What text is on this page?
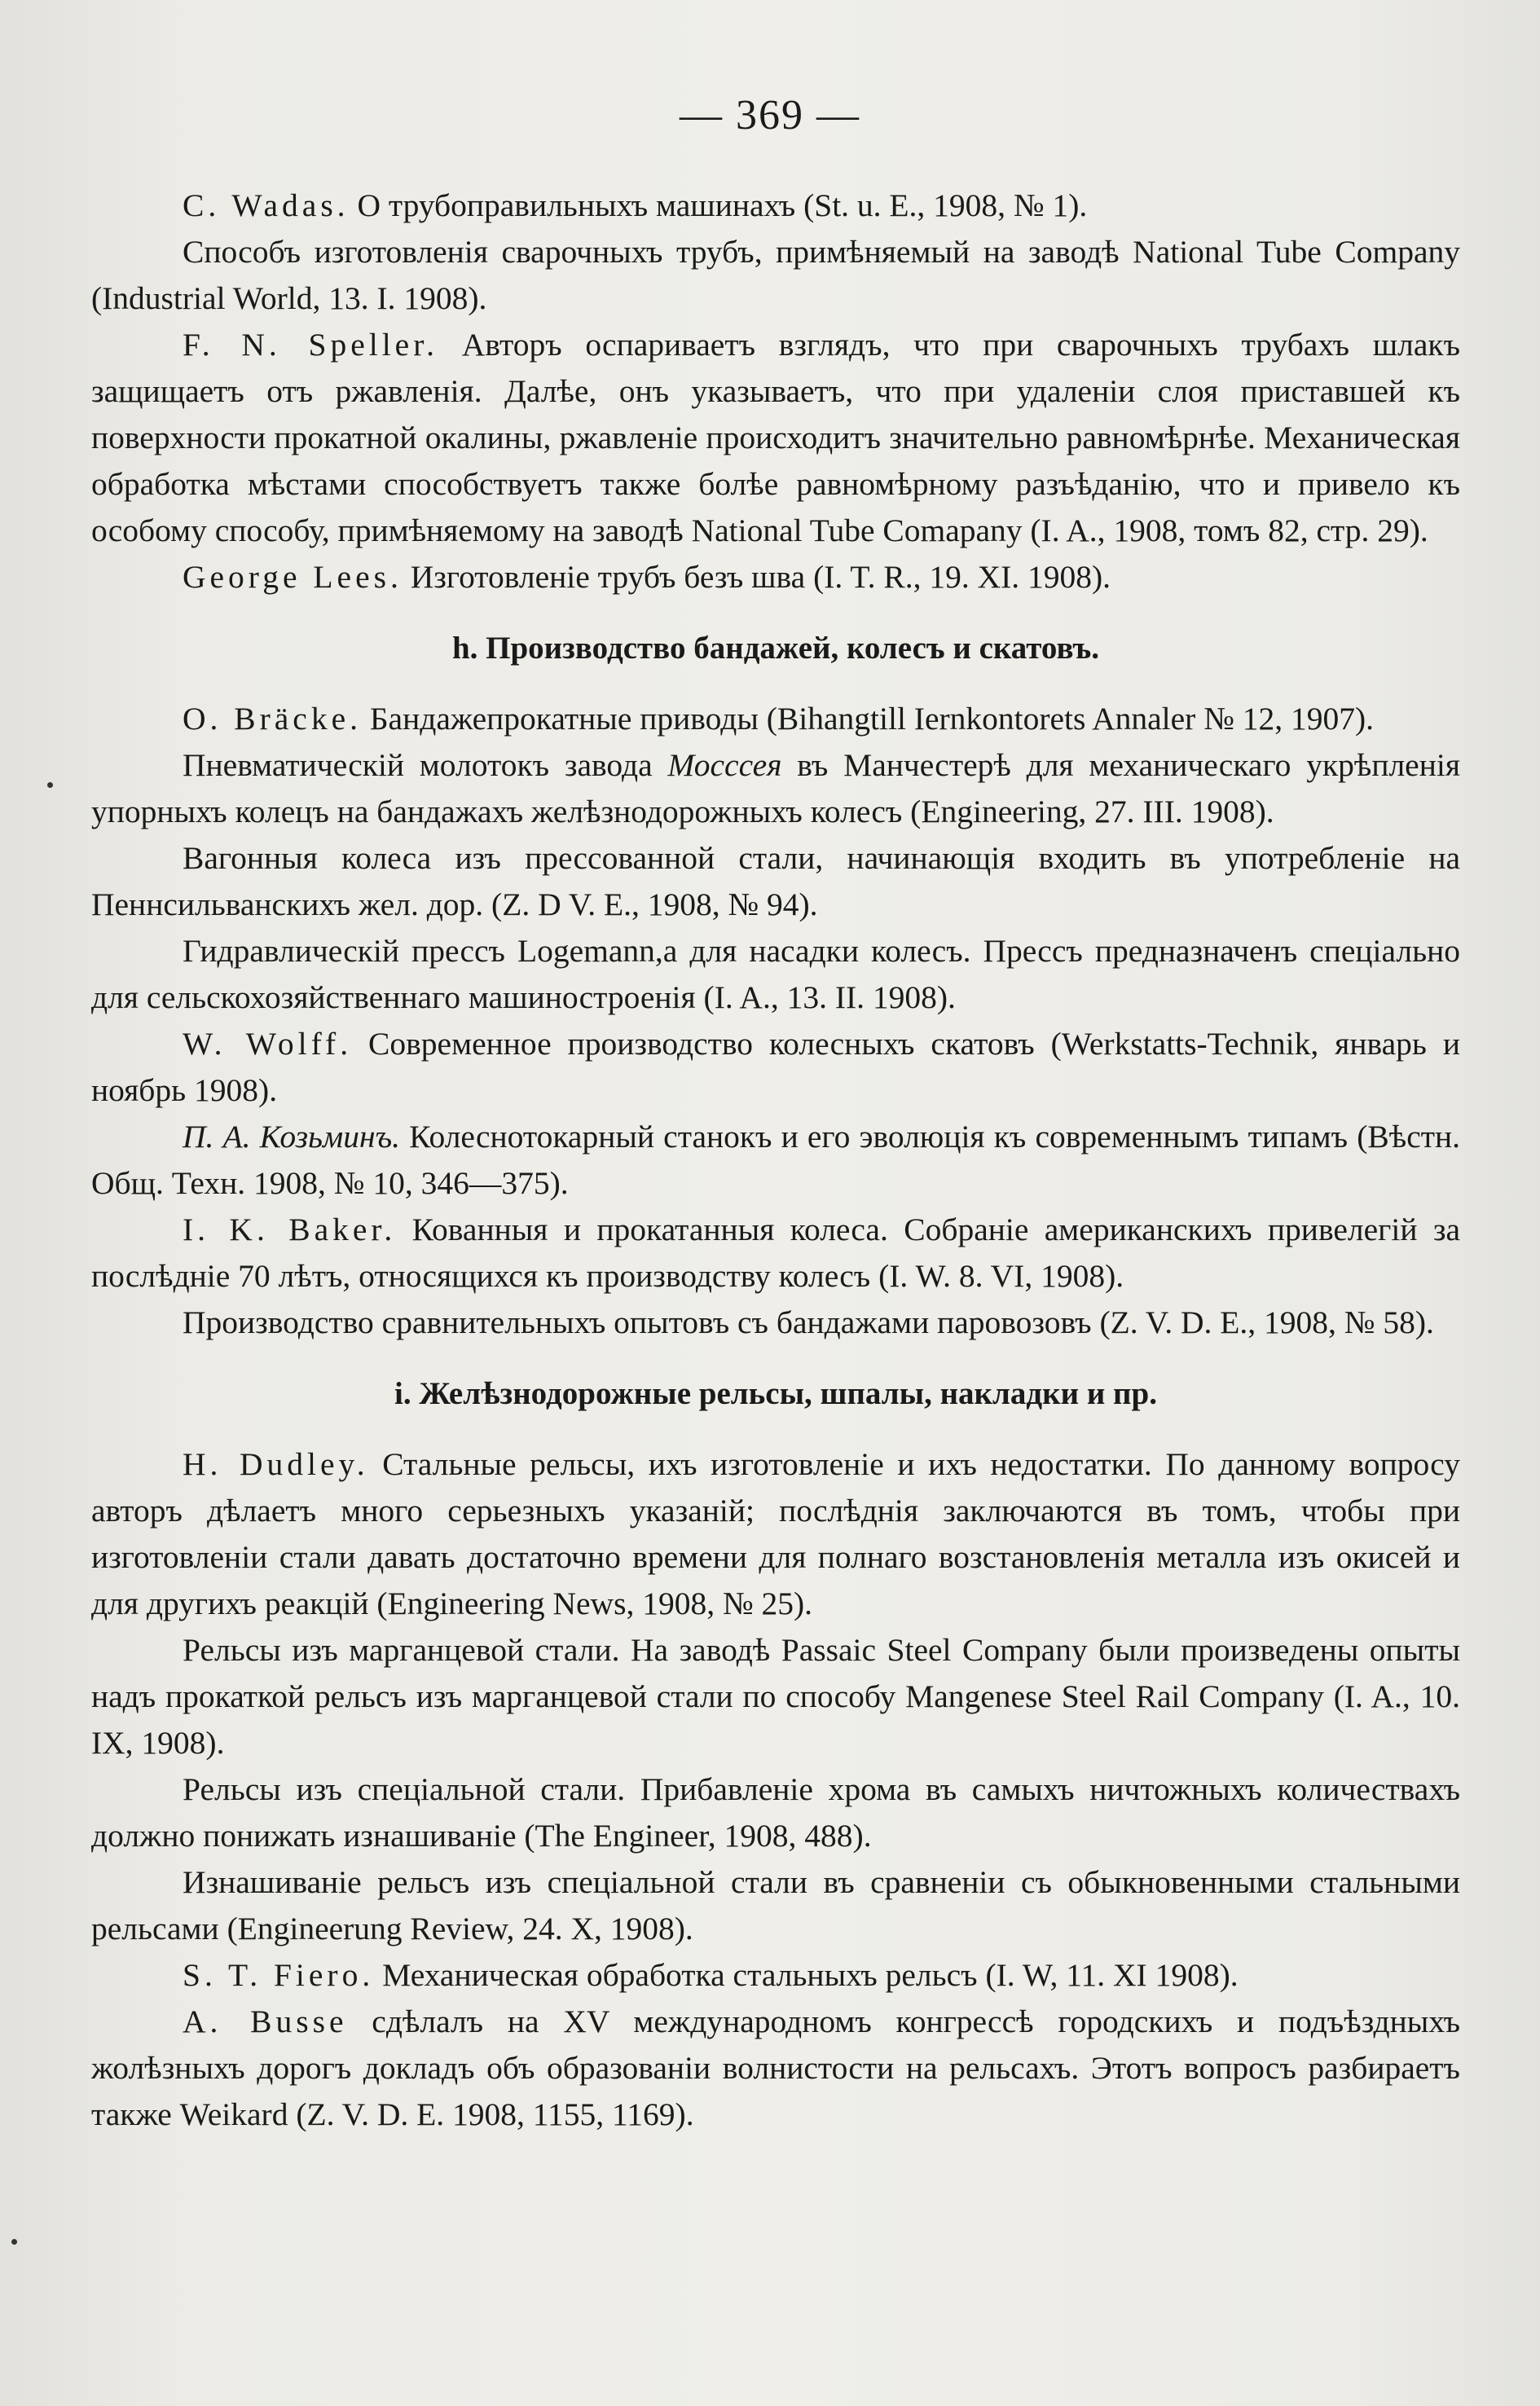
— 369 —

C. Wadas. О трубоправильныхъ машинахъ (St. u. E., 1908, № 1).

Способъ изготовленія сварочныхъ трубъ, примѣняемый на заводѣ National Tube Company (Industrial World, 13. I. 1908).

F. N. Speller. Авторъ оспариваетъ взглядъ, что при сварочныхъ трубахъ шлакъ защищаетъ отъ ржавленія. Далѣе, онъ указываетъ, что при удаленіи слоя приставшей къ поверхности прокатной окалины, ржавленіе происходитъ значительно равномѣрнѣе. Механическая обработка мѣстами способствуетъ также болѣе равномѣрному разъѣданію, что и привело къ особому способу, примѣняемому на заводѣ National Tube Comapany (I. A., 1908, томъ 82, стр. 29).

George Lees. Изготовленіе трубъ безъ шва (I. T. R., 19. XI. 1908).

h. Производство бандажей, колесъ и скатовъ.

O. Bräcke. Бандажепрокатные приводы (Bihangtill Iernkontorets Annaler № 12, 1907).

Пневматическій молотокъ завода Мосссея въ Манчестерѣ для механическаго укрѣпленія упорныхъ колецъ на бандажахъ желѣзнодорожныхъ колесъ (Engineering, 27. III. 1908).

Вагонныя колеса изъ прессованной стали, начинающія входить въ употребленіе на Пеннсильванскихъ жел. дор. (Z. D V. E., 1908, № 94).

Гидравлическій прессъ Logemann,а для насадки колесъ. Прессъ предназначенъ спеціально для сельскохозяйственнаго машиностроенія (I. A., 13. II. 1908).

W. Wolff. Современное производство колесныхъ скатовъ (Werkstatts-Technik, январь и ноябрь 1908).

П. А. Козьминъ. Колеснотокарный станокъ и его эволюція къ современнымъ типамъ (Вѣстн. Общ. Техн. 1908, № 10, 346—375).

I. K. Baker. Кованныя и прокатанныя колеса. Собраніе американскихъ привелегій за послѣдніе 70 лѣтъ, относящихся къ производству колесъ (I. W. 8. VI, 1908).

Производство сравнительныхъ опытовъ съ бандажами паровозовъ (Z. V. D. E., 1908, № 58).

i. Желѣзнодорожные рельсы, шпалы, накладки и пр.

H. Dudley. Стальные рельсы, ихъ изготовленіе и ихъ недостатки. По данному вопросу авторъ дѣлаетъ много серьезныхъ указаній; послѣднія заключаются въ томъ, чтобы при изготовленіи стали давать достаточно времени для полнаго возстановленія металла изъ окисей и для другихъ реакцій (Engineering News, 1908, № 25).

Рельсы изъ марганцевой стали. На заводѣ Passaic Steel Company были произведены опыты надъ прокаткой рельсъ изъ марганцевой стали по способу Mangenese Steel Rail Company (I. A., 10. IX, 1908).

Рельсы изъ спеціальной стали. Прибавленіе хрома въ самыхъ ничтожныхъ количествахъ должно понижать изнашиваніе (The Engineer, 1908, 488).

Изнашиваніе рельсъ изъ спеціальной стали въ сравненіи съ обыкновенными стальными рельсами (Engineerung Review, 24. X, 1908).

S. T. Fiero. Механическая обработка стальныхъ рельсъ (I. W, 11. XI 1908).

A. Busse сдѣлалъ на XV международномъ конгрессѣ городскихъ и подъѣздныхъ жолѣзныхъ дорогъ докладъ объ образованіи волнистости на рельсахъ. Этотъ вопросъ разбираетъ также Weikard (Z. V. D. E. 1908, 1155, 1169).
